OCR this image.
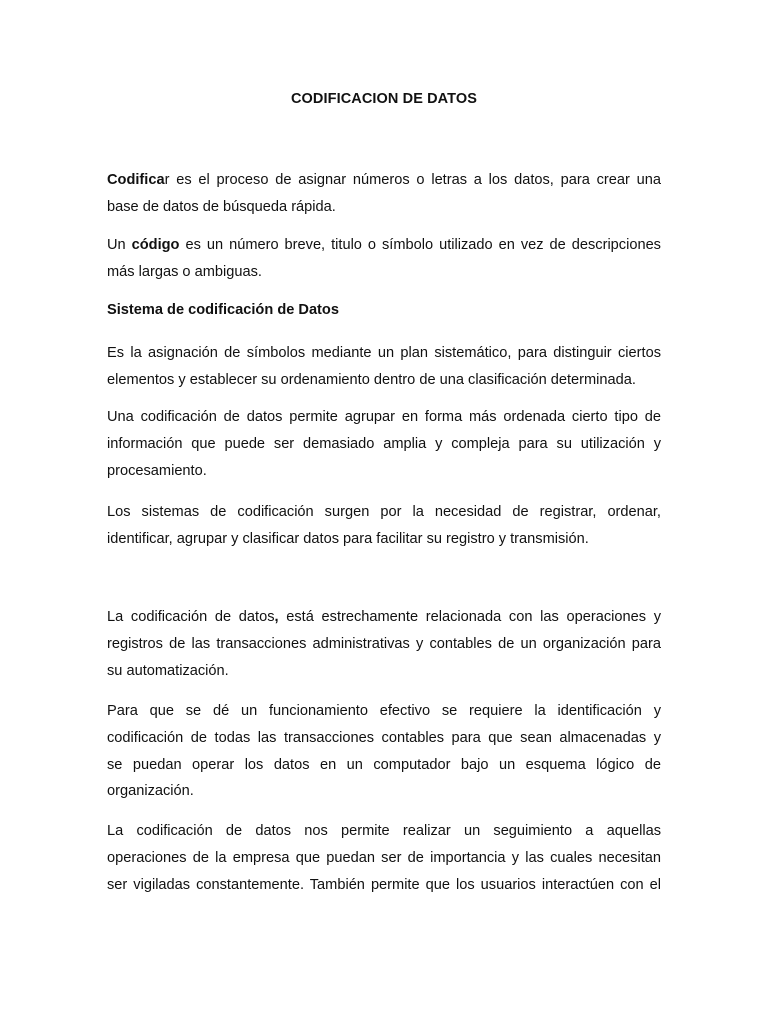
CODIFICACION DE DATOS
Codificar es el proceso de asignar números o letras a los datos, para crear una
base de datos de búsqueda rápida.
Un código es un número breve, titulo o símbolo utilizado en vez de descripciones
más largas o ambiguas.
Sistema de codificación de Datos
Es la asignación de símbolos mediante un plan sistemático, para distinguir ciertos
elementos y establecer su ordenamiento dentro de una clasificación determinada.
Una codificación de datos permite agrupar en forma más ordenada cierto tipo de
información que puede ser demasiado amplia y compleja para su utilización y
procesamiento.
Los sistemas de codificación surgen por la necesidad de registrar, ordenar,
identificar, agrupar y clasificar datos para facilitar su registro y transmisión.
La codificación de datos, está estrechamente relacionada con las operaciones y
registros de las transacciones administrativas y contables de un organización para
su automatización.
Para que se dé un funcionamiento efectivo se requiere la identificación y
codificación de todas las transacciones contables para que sean almacenadas y
se puedan operar los datos en un computador bajo un esquema lógico de
organización.
La codificación de datos nos permite realizar un seguimiento a aquellas
operaciones de la empresa que puedan ser de importancia y las cuales necesitan
ser vigiladas constantemente. También permite que los usuarios interactúen con el
